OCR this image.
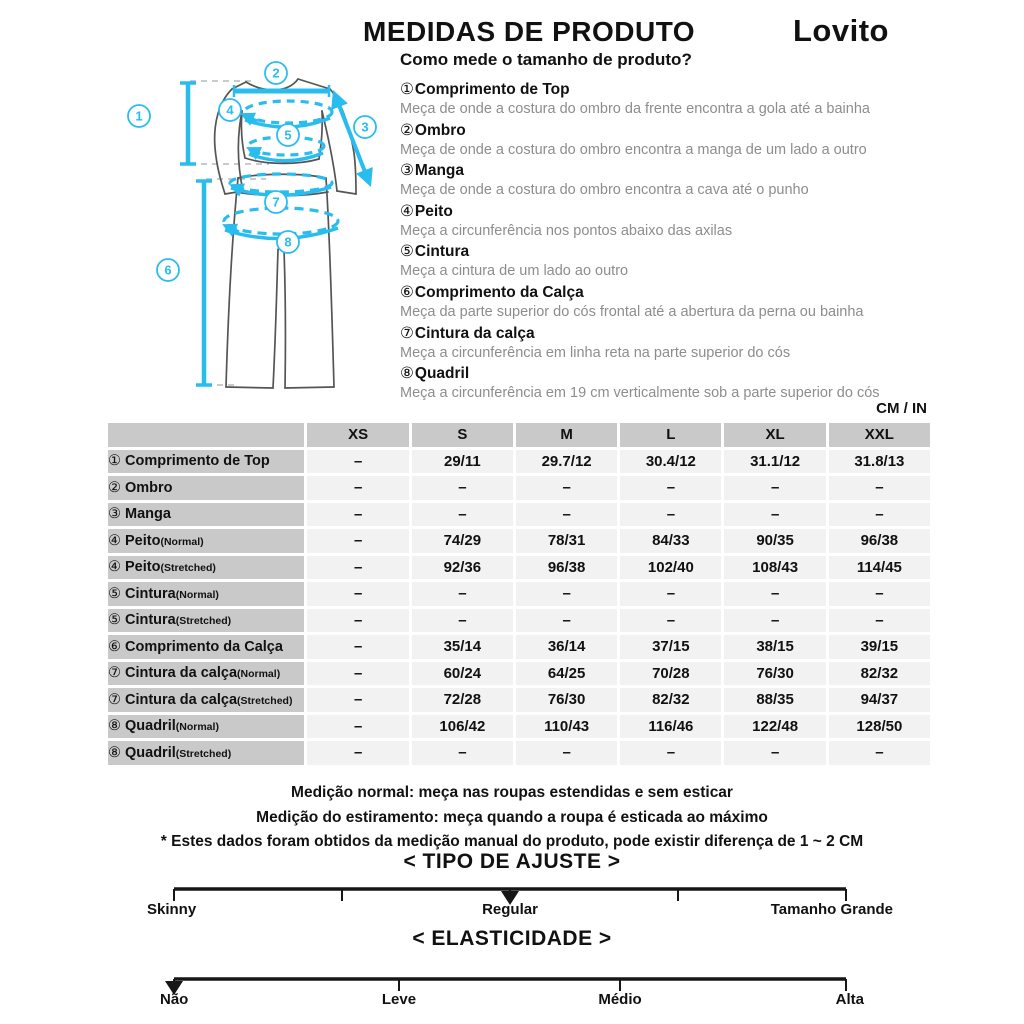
MEDIDAS DE PRODUTO	Lovito
1
2
3
4
5
6
7
8
Como mede o tamanho de produto?
①Comprimento de Top
Meça de onde a costura do ombro da frente encontra a gola até a bainha
②Ombro
Meça de onde a costura do ombro encontra a manga de um lado a outro
③Manga
Meça de onde a costura do ombro encontra a cava até o punho
④Peito
Meça a circunferência nos pontos abaixo das axilas
⑤Cintura
Meça a cintura de um lado ao outro
⑥Comprimento da Calça
Meça da parte superior do cós frontal até a abertura da perna ou bainha
⑦Cintura da calça
Meça a circunferência em linha reta na parte superior do cós
⑧Quadril
Meça a circunferência em 19 cm verticalmente sob a parte superior do cós
CM / IN
	XS	S	M	L	XL	XXL
① Comprimento de Top	–	29/11	29.7/12	30.4/12	31.1/12	31.8/13
② Ombro	–	–	–	–	–	–
③ Manga	–	–	–	–	–	–
④ Peito(Normal)	–	74/29	78/31	84/33	90/35	96/38
④ Peito(Stretched)	–	92/36	96/38	102/40	108/43	114/45
⑤ Cintura(Normal)	–	–	–	–	–	–
⑤ Cintura(Stretched)	–	–	–	–	–	–
⑥ Comprimento da Calça	–	35/14	36/14	37/15	38/15	39/15
⑦ Cintura da calça(Normal)	–	60/24	64/25	70/28	76/30	82/32
⑦ Cintura da calça(Stretched)	–	72/28	76/30	82/32	88/35	94/37
⑧ Quadril(Normal)	–	106/42	110/43	116/46	122/48	128/50
⑧ Quadril(Stretched)	–	–	–	–	–	–
Medição normal: meça nas roupas estendidas e sem esticar
Medição do estiramento: meça quando a roupa é esticada ao máximo
* Estes dados foram obtidos da medição manual do produto, pode existir diferença de 1 ~ 2 CM
< TIPO DE AJUSTE >
Skinny	Regular	Tamanho Grande
< ELASTICIDADE >
Não	Leve	Médio	Alta
